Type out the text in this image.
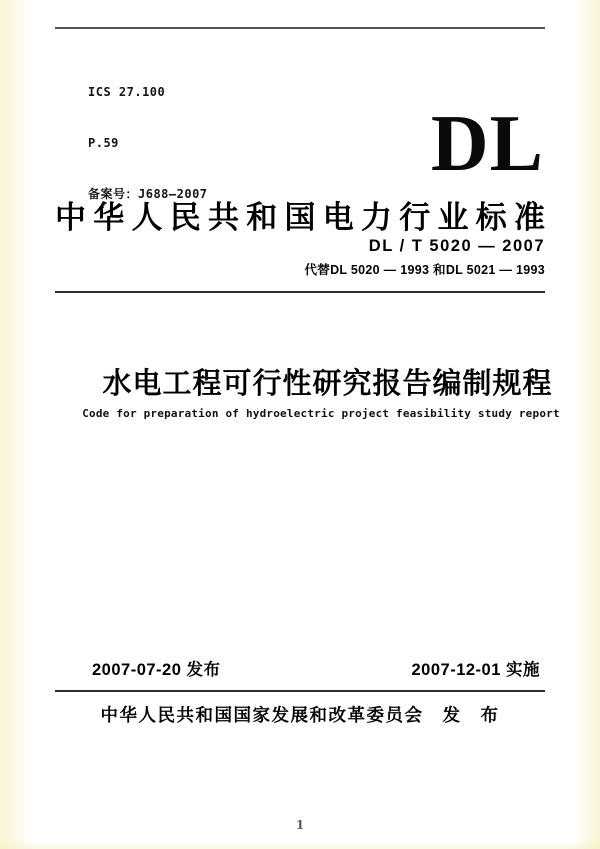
ICS 27.100

P.59

备案号：J688—2007

DL
中华人民共和国电力行业标准
DL / T 5020 — 2007
代替DL 5020 — 1993 和DL 5021 — 1993
水电工程可行性研究报告编制规程
Code for preparation of hydroelectric project feasibility study report
2007-07-20 发布	2007-12-01 实施
中华人民共和国国家发展和改革委员会　发　布
1
